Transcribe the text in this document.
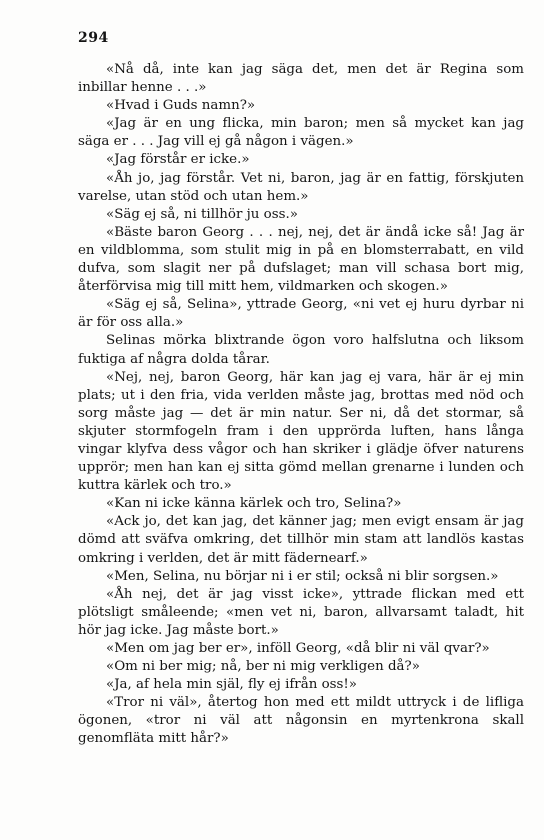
294

«Nå då, inte kan jag säga det, men det är Regina som inbillar henne . . .»

«Hvad i Guds namn?»

«Jag är en ung flicka, min baron; men så mycket kan jag säga er . . . Jag vill ej gå någon i vägen.»

«Jag förstår er icke.»

«Åh jo, jag förstår. Vet ni, baron, jag är en fattig, förskjuten varelse, utan stöd och utan hem.»

«Säg ej så, ni tillhör ju oss.»

«Bäste baron Georg . . . nej, nej, det är ändå icke så! Jag är en vildblomma, som stulit mig in på en blomsterrabatt, en vild dufva, som slagit ner på dufslaget; man vill schasa bort mig, återförvisa mig till mitt hem, vildmarken och skogen.»

«Säg ej så, Selina», yttrade Georg, «ni vet ej huru dyrbar ni är för oss alla.»

Selinas mörka blixtrande ögon voro halfslutna och liksom fuktiga af några dolda tårar.

«Nej, nej, baron Georg, här kan jag ej vara, här är ej min plats; ut i den fria, vida verlden måste jag, brottas med nöd och sorg måste jag — det är min natur. Ser ni, då det stormar, så skjuter stormfogeln fram i den upprörda luften, hans långa vingar klyfva dess vågor och han skriker i glädje öfver naturens upprör; men han kan ej sitta gömd mellan grenarne i lunden och kuttra kärlek och tro.»

«Kan ni icke känna kärlek och tro, Selina?»

«Ack jo, det kan jag, det känner jag; men evigt ensam är jag dömd att sväfva omkring, det tillhör min stam att landlös kastas omkring i verlden, det är mitt fädernearf.»

«Men, Selina, nu börjar ni i er stil; också ni blir sorgsen.»

«Åh nej, det är jag visst icke», yttrade flickan med ett plötsligt småleende; «men vet ni, baron, allvarsamt taladt, hit hör jag icke. Jag måste bort.»

«Men om jag ber er», inföll Georg, «då blir ni väl qvar?»

«Om ni ber mig; nå, ber ni mig verkligen då?»

«Ja, af hela min själ, fly ej ifrån oss!»

«Tror ni väl», återtog hon med ett mildt uttryck i de lifliga ögonen, «tror ni väl att någonsin en myrtenkrona skall genomfläta mitt hår?»
